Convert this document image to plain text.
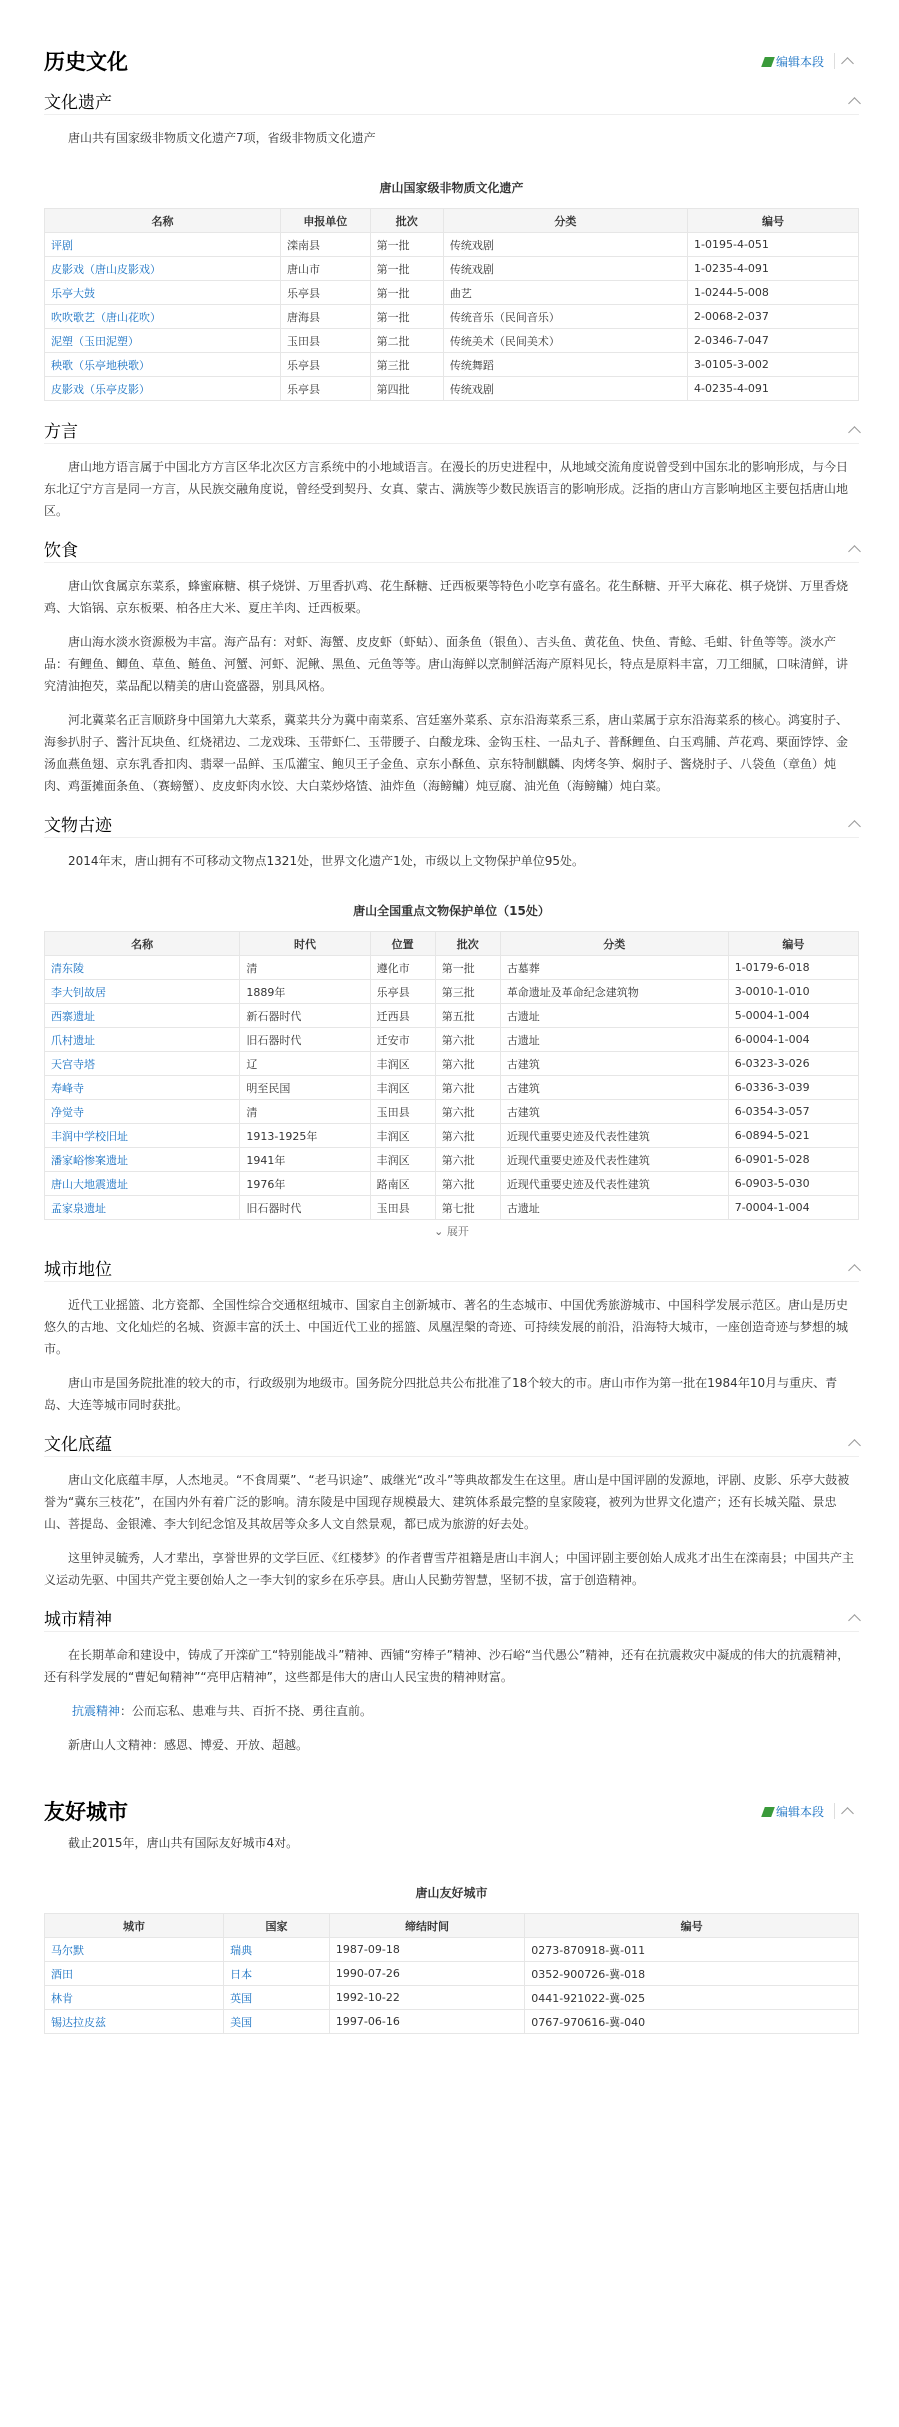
历史文化	编辑本段
文化遗产
唐山共有国家级非物质文化遗产7项，省级非物质文化遗产
唐山国家级非物质文化遗产
名称	申报单位	批次	分类	编号
评剧	滦南县	第一批	传统戏剧	1-0195-4-051
皮影戏（唐山皮影戏）	唐山市	第一批	传统戏剧	1-0235-4-091
乐亭大鼓	乐亭县	第一批	曲艺	1-0244-5-008
吹吹歌艺（唐山花吹）	唐海县	第一批	传统音乐（民间音乐）	2-0068-2-037
泥塑（玉田泥塑）	玉田县	第二批	传统美术（民间美术）	2-0346-7-047
秧歌（乐亭地秧歌）	乐亭县	第三批	传统舞蹈	3-0105-3-002
皮影戏（乐亭皮影）	乐亭县	第四批	传统戏剧	4-0235-4-091
方言
唐山地方语言属于中国北方方言区华北次区方言系统中的小地域语言。在漫长的历史进程中，从地域交流角度说曾受到中国东北的影响形成，与今日东北辽宁方言是同一方言，从民族交融角度说，曾经受到契丹、女真、蒙古、满族等少数民族语言的影响形成。泛指的唐山方言影响地区主要包括唐山地区。
饮食
唐山饮食属京东菜系，蜂蜜麻糖、棋子烧饼、万里香扒鸡、花生酥糖、迁西板栗等特色小吃享有盛名。花生酥糖、开平大麻花、棋子烧饼、万里香烧鸡、大馅锅、京东板栗、柏各庄大米、夏庄羊肉、迁西板栗。
唐山海水淡水资源极为丰富。海产品有：对虾、海蟹、皮皮虾（虾蛄）、面条鱼（银鱼）、吉头鱼、黄花鱼、快鱼、青鲶、毛蚶、针鱼等等。淡水产品：有鲤鱼、鲫鱼、草鱼、鲢鱼、河蟹、河虾、泥鳅、黑鱼、元鱼等等。唐山海鲜以烹制鲜活海产原料见长，特点是原料丰富，刀工细腻，口味清鲜，讲究清油抱芡，菜品配以精美的唐山瓷盛器，别具风格。
河北冀菜名正言顺跻身中国第九大菜系，冀菜共分为冀中南菜系、宫廷塞外菜系、京东沿海菜系三系，唐山菜属于京东沿海菜系的核心。鸿宴肘子、海参扒肘子、酱汁瓦块鱼、红烧裙边、二龙戏珠、玉带虾仁、玉带腰子、白酸龙珠、金钩玉柱、一品丸子、普酥鲤鱼、白玉鸡脯、芦花鸡、栗面饽饽、金汤血燕鱼翅、京东乳香扣肉、翡翠一品鲜、玉瓜灌宝、鲍贝王子金鱼、京东小酥鱼、京东特制麒麟、肉烤冬笋、焖肘子、酱烧肘子、八袋鱼（章鱼）炖肉、鸡蛋摊面条鱼、（赛螃蟹）、皮皮虾肉水饺、大白菜炒烙馇、油炸鱼（海鳑鳙）炖豆腐、油光鱼（海鳑鳙）炖白菜。
文物古迹
2014年末，唐山拥有不可移动文物点1321处，世界文化遗产1处，市级以上文物保护单位95处。
唐山全国重点文物保护单位（15处）
名称	时代	位置	批次	分类	编号
清东陵	清	遵化市	第一批	古墓葬	1-0179-6-018
李大钊故居	1889年	乐亭县	第三批	革命遗址及革命纪念建筑物	3-0010-1-010
西寨遗址	新石器时代	迁西县	第五批	古遗址	5-0004-1-004
爪村遗址	旧石器时代	迁安市	第六批	古遗址	6-0004-1-004
天宫寺塔	辽	丰润区	第六批	古建筑	6-0323-3-026
寿峰寺	明至民国	丰润区	第六批	古建筑	6-0336-3-039
净觉寺	清	玉田县	第六批	古建筑	6-0354-3-057
丰润中学校旧址	1913-1925年	丰润区	第六批	近现代重要史迹及代表性建筑	6-0894-5-021
潘家峪惨案遗址	1941年	丰润区	第六批	近现代重要史迹及代表性建筑	6-0901-5-028
唐山大地震遗址	1976年	路南区	第六批	近现代重要史迹及代表性建筑	6-0903-5-030
孟家泉遗址	旧石器时代	玉田县	第七批	古遗址	7-0004-1-004
⌄ 展开
城市地位
近代工业摇篮、北方瓷都、全国性综合交通枢纽城市、国家自主创新城市、著名的生态城市、中国优秀旅游城市、中国科学发展示范区。唐山是历史悠久的古地、文化灿烂的名城、资源丰富的沃土、中国近代工业的摇篮、凤凰涅槃的奇迹、可持续发展的前沿，沿海特大城市，一座创造奇迹与梦想的城市。
唐山市是国务院批准的较大的市，行政级别为地级市。国务院分四批总共公布批准了18个较大的市。唐山市作为第一批在1984年10月与重庆、青岛、大连等城市同时获批。
文化底蕴
唐山文化底蕴丰厚，人杰地灵。“不食周粟”、“老马识途”、戚继光“改斗”等典故都发生在这里。唐山是中国评剧的发源地，评剧、皮影、乐亭大鼓被誉为“冀东三枝花”，在国内外有着广泛的影响。清东陵是中国现存规模最大、建筑体系最完整的皇家陵寝，被列为世界文化遗产；还有长城关隘、景忠山、菩提岛、金银滩、李大钊纪念馆及其故居等众多人文自然景观，都已成为旅游的好去处。
这里钟灵毓秀，人才辈出，享誉世界的文学巨匠、《红楼梦》的作者曹雪芹祖籍是唐山丰润人；中国评剧主要创始人成兆才出生在滦南县；中国共产主义运动先驱、中国共产党主要创始人之一李大钊的家乡在乐亭县。唐山人民勤劳智慧，坚韧不拔，富于创造精神。
城市精神
在长期革命和建设中，铸成了开滦矿工“特别能战斗”精神、西铺“穷棒子”精神、沙石峪“当代愚公”精神，还有在抗震救灾中凝成的伟大的抗震精神，还有科学发展的“曹妃甸精神”“亮甲店精神”，这些都是伟大的唐山人民宝贵的精神财富。
抗震精神：公而忘私、患难与共、百折不挠、勇往直前。
新唐山人文精神：感恩、博爱、开放、超越。
友好城市	编辑本段
截止2015年，唐山共有国际友好城市4对。
唐山友好城市
城市	国家	缔结时间	编号
马尔默	瑞典	1987-09-18	0273-870918-冀-011
酒田	日本	1990-07-26	0352-900726-冀-018
林肯	英国	1992-10-22	0441-921022-冀-025
锡达拉皮兹	美国	1997-06-16	0767-970616-冀-040
